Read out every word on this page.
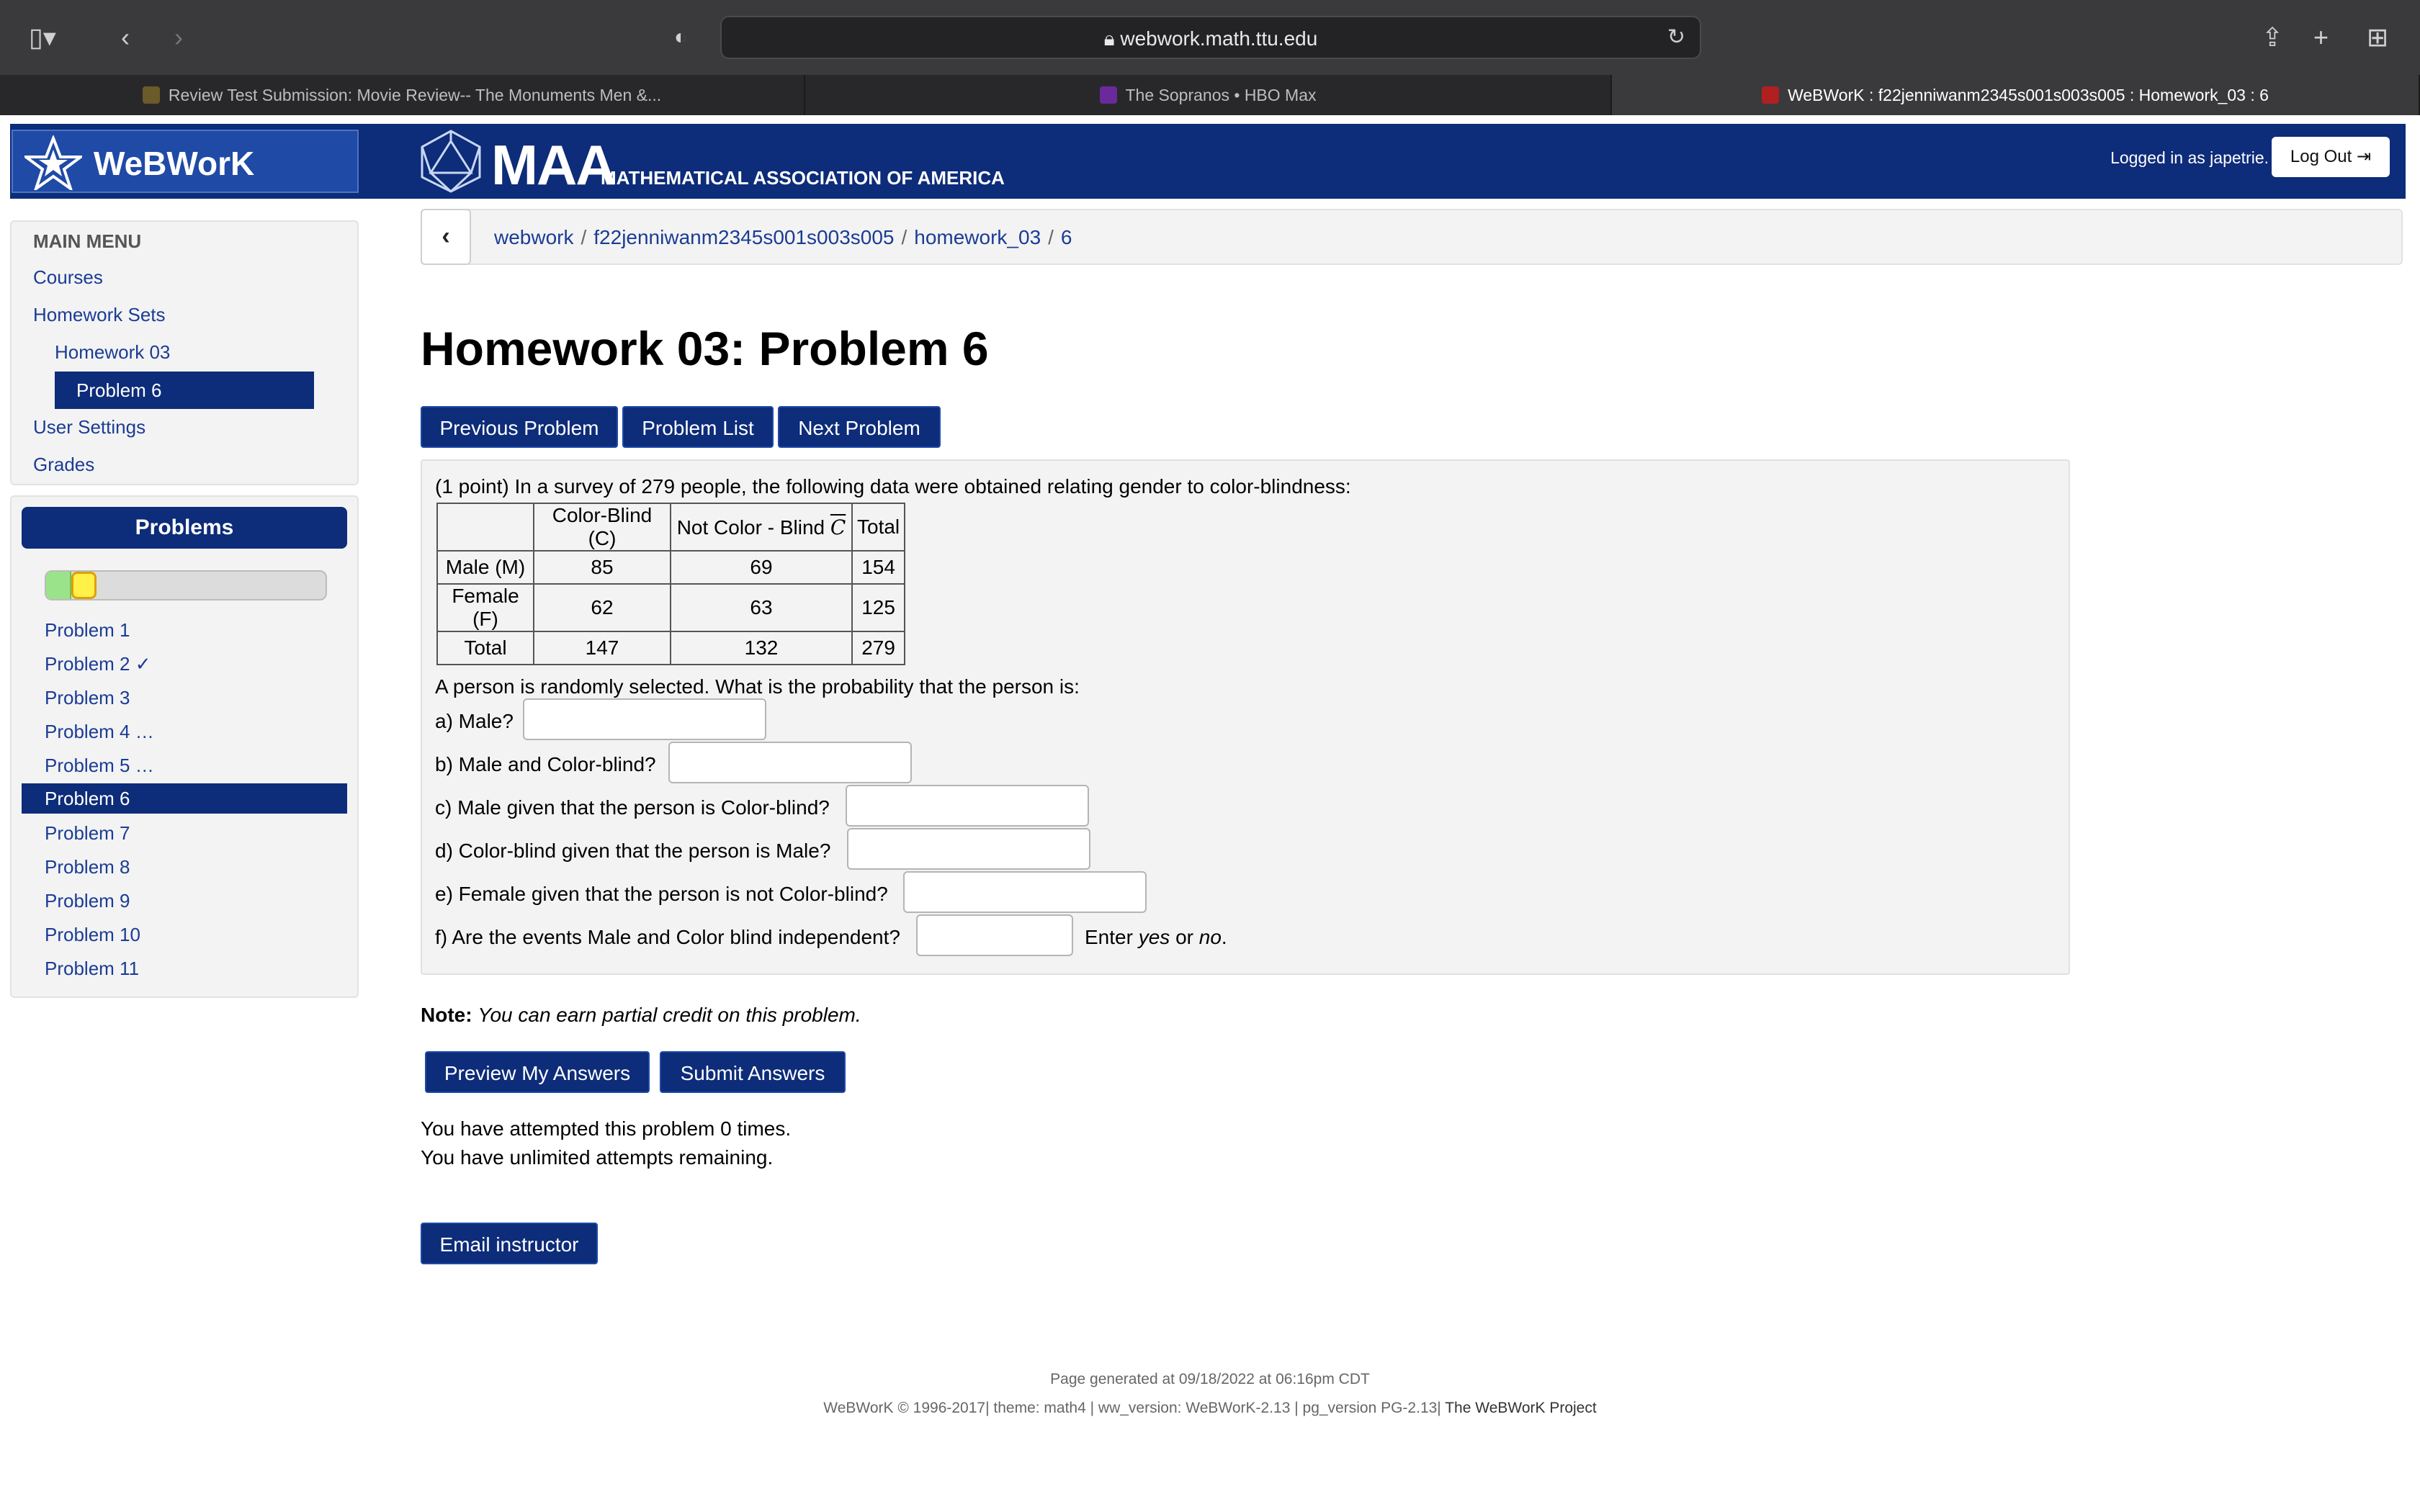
▯▾	‹ ›	◐	🔒︎ webwork.math.ttu.edu	↻	⇪ + ⊞
Review Test Submission: Movie Review-- The Monuments Men &...	The Sopranos • HBO Max	WeBWorK : f22jenniwanm2345s001s003s005 : Homework_03 : 6
WeBWorK	MAA
MATHEMATICAL ASSOCIATION OF AMERICA
Logged in as japetrie.	Log Out ⇥
MAIN MENU
Courses
Homework Sets
Homework 03
Problem 6
User Settings
Grades
Problems
Problem 1
Problem 2 ✓
Problem 3
Problem 4 …
Problem 5 …
Problem 6
Problem 7
Problem 8
Problem 9
Problem 10
Problem 11
‹	webwork / f22jenniwanm2345s001s003s005 / homework_03 / 6
Homework 03: Problem 6
Previous Problem	Problem List	Next Problem
(1 point) In a survey of 279 people, the following data were obtained relating gender to color-blindness:
	Color-Blind (C)	Not Color - Blind $\overline{C}$	Total
Male (M)	85	69	154
Female (F)	62	63	125
Total	147	132	279
A person is randomly selected. What is the probability that the person is:
a) Male?
b) Male and Color-blind?
c) Male given that the person is Color-blind?
d) Color-blind given that the person is Male?
e) Female given that the person is not Color-blind?
f) Are the events Male and Color blind independent?	Enter yes or no.
Note: You can earn partial credit on this problem.
Preview My Answers	Submit Answers
You have attempted this problem 0 times.
You have unlimited attempts remaining.
Email instructor
Page generated at 09/18/2022 at 06:16pm CDT
WeBWorK © 1996-2017| theme: math4 | ww_version: WeBWorK-2.13 | pg_version PG-2.13| The WeBWorK Project
